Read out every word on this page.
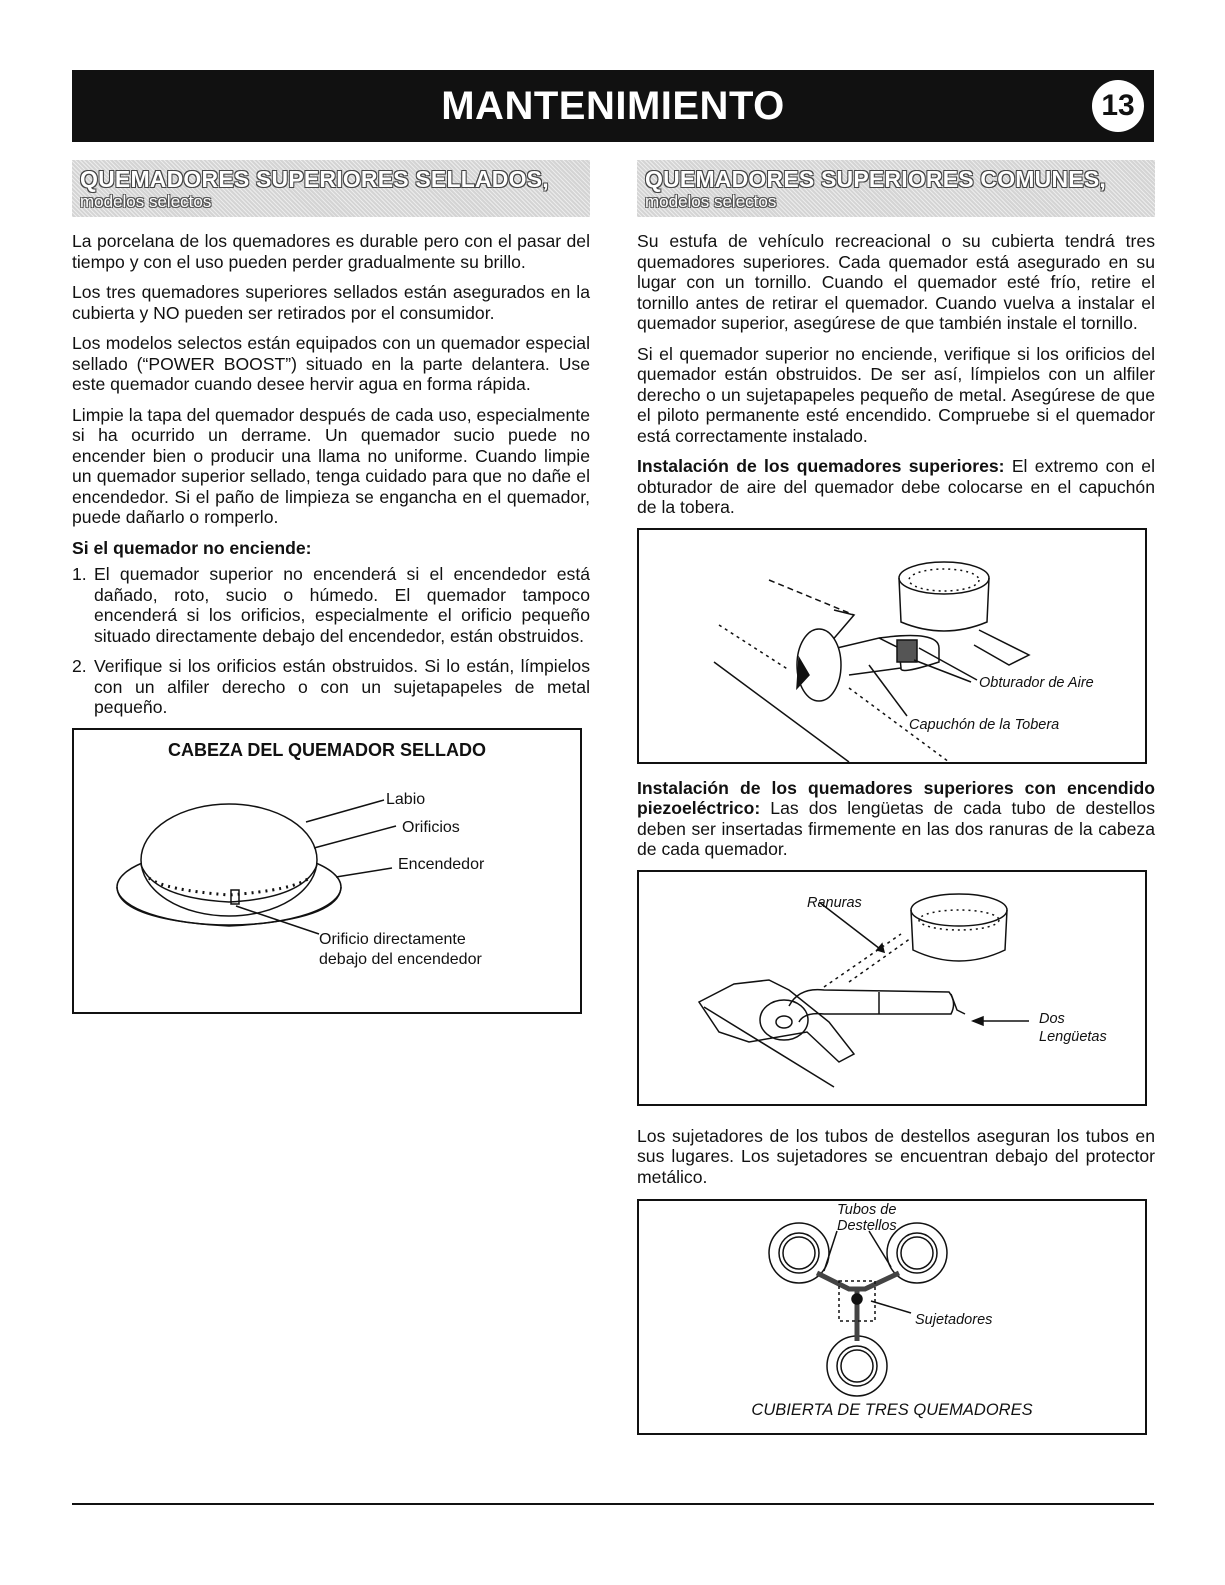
MANTENIMIENTO	13
QUEMADORES SUPERIORES SELLADOS,
modelos selectos

La porcelana de los quemadores es durable pero con el pasar del tiempo y con el uso pueden perder gradualmente su brillo.

Los tres quemadores superiores sellados están asegurados en la cubierta y NO pueden ser retirados por el consumidor.

Los modelos selectos están equipados con un quemador especial sellado (“POWER BOOST”) situado en la parte delantera. Use este quemador cuando desee hervir agua en forma rápida.

Limpie la tapa del quemador después de cada uso, especialmente si ha ocurrido un derrame. Un quemador sucio puede no encender bien o producir una llama no uniforme. Cuando limpie un quemador superior sellado, tenga cuidado para que no dañe el encendedor. Si el paño de limpieza se engancha en el quemador, puede dañarlo o romperlo.

Si el quemador no enciende:
1. El quemador superior no encenderá si el encendedor está dañado, roto, sucio o húmedo. El quemador tampoco encenderá si los orificios, especialmente el orificio pequeño situado directamente debajo del encendedor, están obstruidos.
2. Verifique si los orificios están obstruidos. Si lo están, límpielos con un alfiler derecho o con un sujetapapeles de metal pequeño.
CABEZA DEL QUEMADOR SELLADO
Labio
Orificios
Encendedor
Orificio directamente
debajo del encendedor
QUEMADORES SUPERIORES COMUNES,
modelos selectos

Su estufa de vehículo recreacional o su cubierta tendrá tres quemadores superiores. Cada quemador está asegurado en su lugar con un tornillo. Cuando el quemador esté frío, retire el tornillo antes de retirar el quemador. Cuando vuelva a instalar el quemador superior, asegúrese de que también instale el tornillo.

Si el quemador superior no enciende, verifique si los orificios del quemador están obstruidos. De ser así, límpielos con un alfiler derecho o un sujetapapeles pequeño de metal. Asegúrese de que el piloto permanente esté encendido. Compruebe si el quemador está correctamente instalado.

Instalación de los quemadores superiores: El extremo con el obturador de aire del quemador debe colocarse en el capuchón de la tobera.

Obturador de Aire
Capuchón de la Tobera

Instalación de los quemadores superiores con encendido piezoeléctrico: Las dos lengüetas de cada tubo de destellos deben ser insertadas firmemente en las dos ranuras de la cabeza de cada quemador.

Ranuras
Dos
Lengüetas

Los sujetadores de los tubos de destellos aseguran los tubos en sus lugares. Los sujetadores se encuentran debajo del protector metálico.

Tubos de
Destellos
Sujetadores
CUBIERTA DE TRES QUEMADORES
